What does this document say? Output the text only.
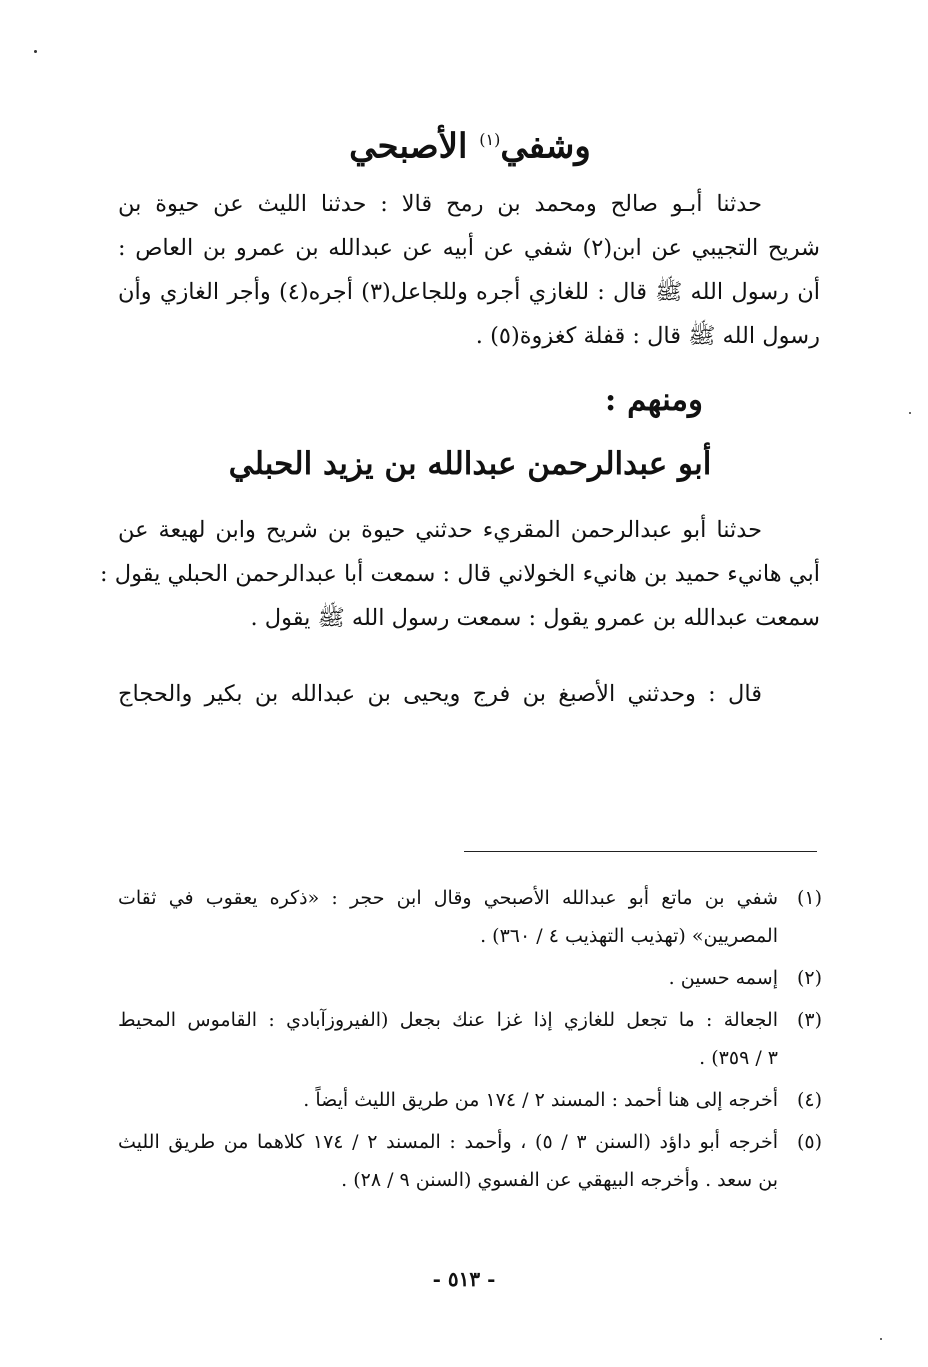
وشفي$^{(١)}$ الأصبحي
حدثنا أبـو صالح ومحمد بن رمح قالا : حدثنا الليث عن حيوة بن
شريح التجيبي عن ابن(٢) شفي عن أبيه عن عبدالله بن عمرو بن العاص :
أن رسول الله ﷺ قال : للغازي أجره وللجاعل(٣) أجره(٤) وأجر الغازي وأن
رسول الله ﷺ قال : قفلة كغزوة(٥) .
ومنهم :
أبو عبدالرحمن عبدالله بن يزيد الحبلي
حدثنا أبو عبدالرحمن المقريء حدثني حيوة بن شريح وابن لهيعة عن
أبي هانيء حميد بن هانيء الخولاني قال : سمعت أبا عبدالرحمن الحبلي يقول :
سمعت عبدالله بن عمرو يقول : سمعت رسول الله ﷺ يقول .
قال : وحدثني الأصبغ بن فرج ويحيى بن عبدالله بن بكير والحجاج
(١)
شفي بن ماتع أبو عبدالله الأصبحي وقال ابن حجر : «ذكره يعقوب في ثقات
المصريين» (تهذيب التهذيب ٤ / ٣٦٠) .
(٢)
إسمه حسين .
(٣)
الجعالة : ما تجعل للغازي إذا غزا عنك بجعل (الفيروزآبادي : القاموس المحيط
٣ / ٣٥٩) .
(٤)
أخرجه إلى هنا أحمد : المسند ٢ / ١٧٤ من طريق الليث أيضاً .
(٥)
أخرجه أبو داؤد (السنن ٣ / ٥) ، وأحمد : المسند ٢ / ١٧٤ كلاهما من طريق الليث
بن سعد . وأخرجه البيهقي عن الفسوي (السنن ٩ / ٢٨) .
- ٥١٣ -
